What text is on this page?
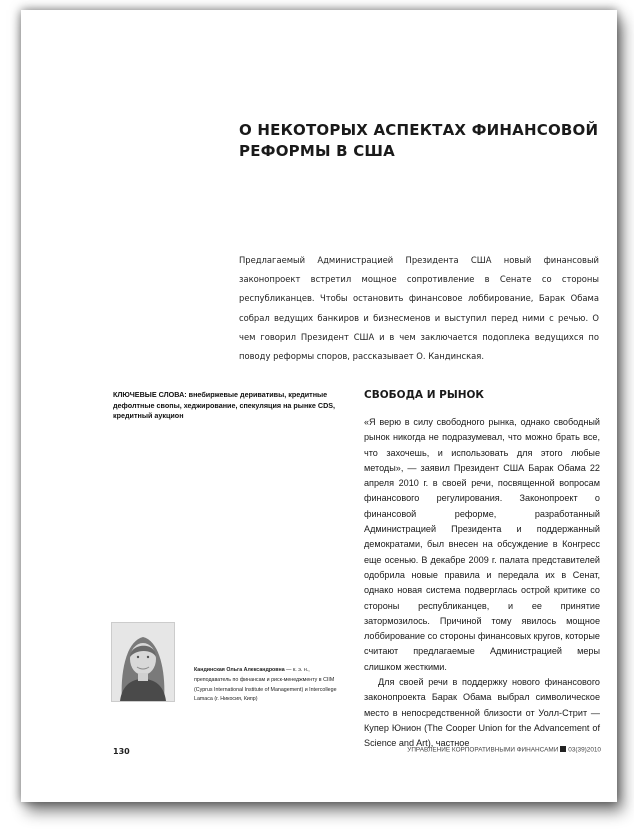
О НЕКОТОРЫХ АСПЕКТАХ ФИНАНСОВОЙ РЕФОРМЫ В США
Предлагаемый Администрацией Президента США новый финансовый законопроект встретил мощное сопротивление в Сенате со стороны республиканцев. Чтобы остановить финансовое лоббирование, Барак Обама собрал ведущих банкиров и бизнесменов и выступил перед ними с речью. О чем говорил Президент США и в чем заключается подоплека ведущихся по поводу реформы споров, рассказывает О. Кандинская.
КЛЮЧЕВЫЕ СЛОВА: внебиржевые деривативы, кредитные дефолтные свопы, хеджирование, спекуляция на рынке CDS, кредитный аукцион
СВОБОДА И РЫНОК

«Я верю в силу свободного рынка, однако свободный рынок никогда не подразумевал, что можно брать все, что захочешь, и использовать для этого любые методы», — заявил Президент США Барак Обама 22 апреля 2010 г. в своей речи, посвященной вопросам финансового регулирования. Законопроект о финансовой реформе, разработанный Администрацией Президента и поддержанный демократами, был внесен на обсуждение в Конгресс еще осенью. В декабре 2009 г. палата представителей одобрила новые правила и передала их в Сенат, однако новая система подверглась острой критике со стороны республиканцев, и ее принятие затормозилось. Причиной тому явилось мощное лоббирование со стороны финансовых кругов, которые считают предлагаемые Администрацией меры слишком жесткими.

Для своей речи в поддержку нового финансового законопроекта Барак Обама выбрал символическое место в непосредственной близости от Уолл-Стрит — Купер Юнион (The Cooper Union for the Advancement of Science and Art), частное

Кандинская Ольга Александровна — к. э. н., преподаватель по финансам и риск-менеджменту в CIIM (Cyprus International Institute of Management) и Intercollege Lamaca (г. Никосия, Кипр)
130	УПРАВЛЕНИЕ КОРПОРАТИВНЫМИ ФИНАНСАМИ 03(39)2010
